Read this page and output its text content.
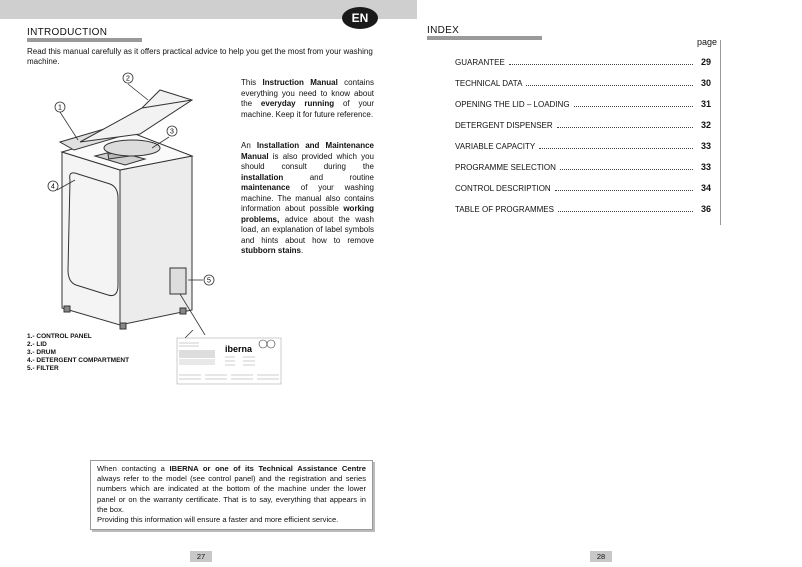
EN
INTRODUCTION
Read this manual carefully as it offers practical advice to help you get the most from your washing machine.
1
2
3
4
5
iberna
This Instruction Manual contains everything you need to know about the everyday running of your machine. Keep it for future reference.
An Installation and Maintenance Manual is also provided which you should consult during the installation and routine maintenance of your washing machine. The manual also contains information about possible working problems, advice about the wash load, an explanation of label symbols and hints about how to remove stubborn stains.
1.- CONTROL PANEL
2.- LID
3.- DRUM
4.- DETERGENT COMPARTMENT
5.- FILTER
When contacting a IBERNA or one of its Technical Assistance Centre always refer to the model (see control panel) and the registration and series numbers which are indicated at the bottom of the machine under the lower panel or on the warranty certificate. That is to say, everything that appears in the box.
Providing this information will ensure a faster and more efficient service.
27
INDEX
page
GUARANTEE	29
TECHNICAL DATA	30
OPENING THE LID – LOADING	31
DETERGENT DISPENSER	32
VARIABLE CAPACITY	33
PROGRAMME SELECTION	33
CONTROL DESCRIPTION	34
TABLE OF PROGRAMMES	36
28
